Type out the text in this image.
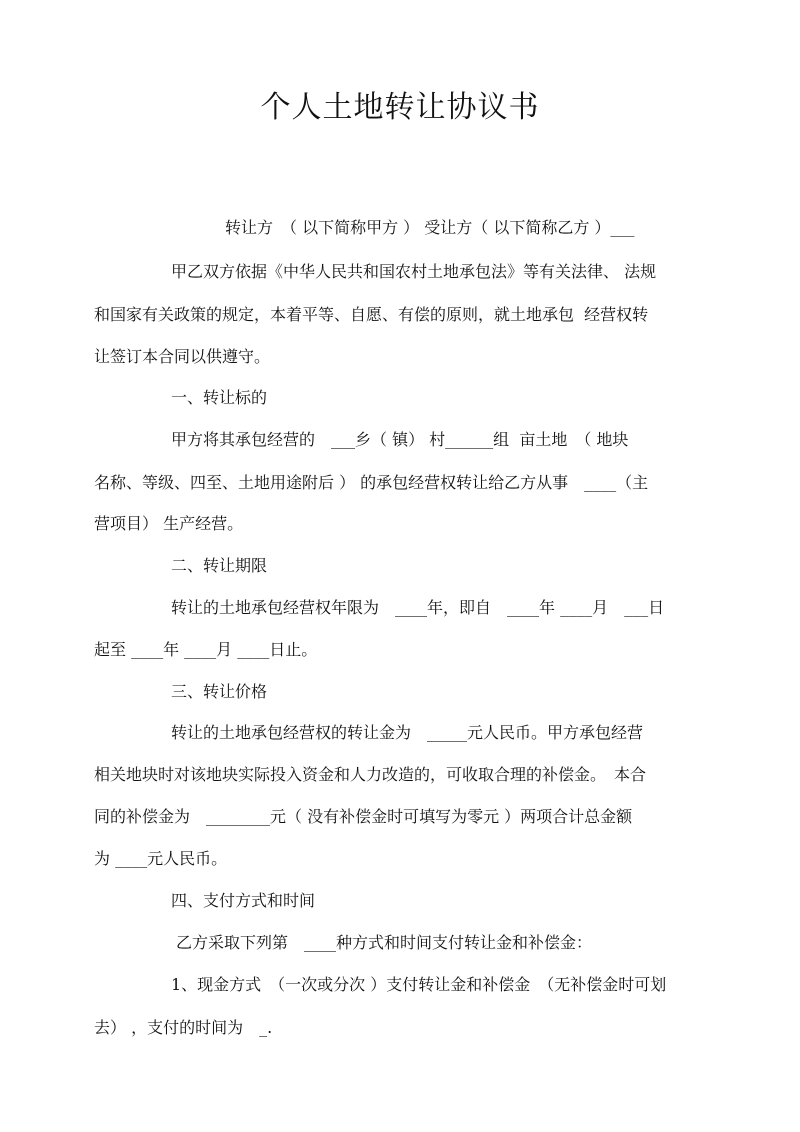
个人土地转让协议书

转让方　（ 以下简称甲方 ） 受让方（ 以下简称乙方 ）___

甲乙双方依据《中华人民共和国农村土地承包法》等有关法律、 法规

和国家有关政策的规定，本着平等、自愿、有偿的原则，就土地承包  经营权转

让签订本合同以供遵守。

一、转让标的

甲方将其承包经营的　___乡（ 镇） 村______组  亩土地　（ 地块

名称、等级、四至、土地用途附后 ） 的承包经营权转让给乙方从事　____（主

营项目） 生产经营。

二、转让期限

转让的土地承包经营权年限为　____年，即自　____年 ____月　___日

起至 ____年 ____月 ____日止。

三、转让价格

转让的土地承包经营权的转让金为　_____元人民币。甲方承包经营

相关地块时对该地块实际投入资金和人力改造的，可收取合理的补偿金。　本合

同的补偿金为　________元（ 没有补偿金时可填写为零元 ）两项合计总金额

为 ____元人民币。

四、支付方式和时间

乙方采取下列第　____种方式和时间支付转让金和补偿金：

1、现金方式　（一次或分次 ）支付转让金和补偿金　（无补偿金时可划

去） ，支付的时间为　_.
